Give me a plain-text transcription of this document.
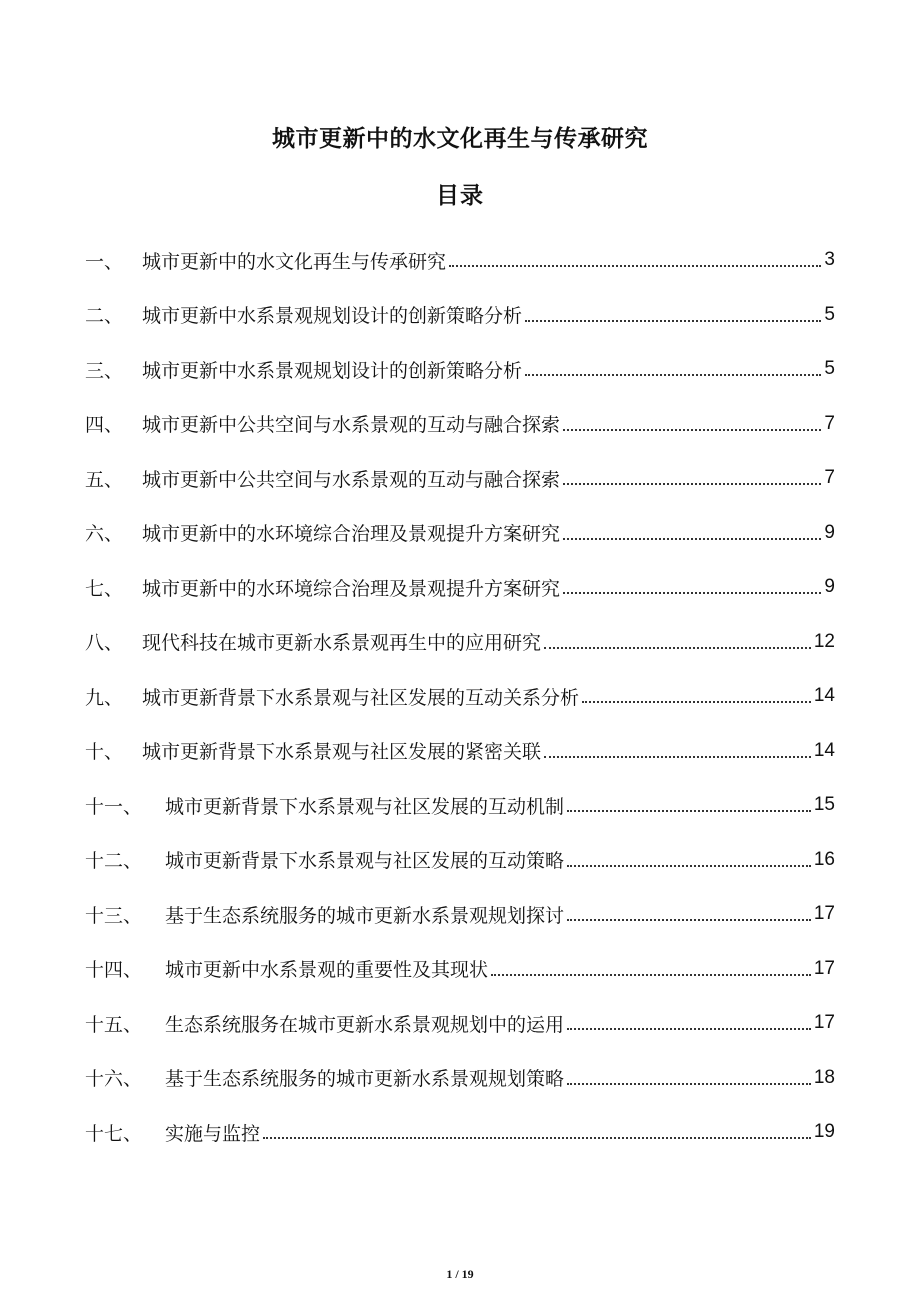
城市更新中的水文化再生与传承研究
目录
一、 城市更新中的水文化再生与传承研究	3
二、 城市更新中水系景观规划设计的创新策略分析	5
三、 城市更新中水系景观规划设计的创新策略分析	5
四、 城市更新中公共空间与水系景观的互动与融合探索	7
五、 城市更新中公共空间与水系景观的互动与融合探索	7
六、 城市更新中的水环境综合治理及景观提升方案研究	9
七、 城市更新中的水环境综合治理及景观提升方案研究	9
八、 现代科技在城市更新水系景观再生中的应用研究	12
九、 城市更新背景下水系景观与社区发展的互动关系分析	14
十、 城市更新背景下水系景观与社区发展的紧密关联	14
十一、	城市更新背景下水系景观与社区发展的互动机制	15
十二、	城市更新背景下水系景观与社区发展的互动策略	16
十三、	基于生态系统服务的城市更新水系景观规划探讨	17
十四、	城市更新中水系景观的重要性及其现状	17
十五、	生态系统服务在城市更新水系景观规划中的运用	17
十六、	基于生态系统服务的城市更新水系景观规划策略	18
十七、	实施与监控	19
1 / 19
